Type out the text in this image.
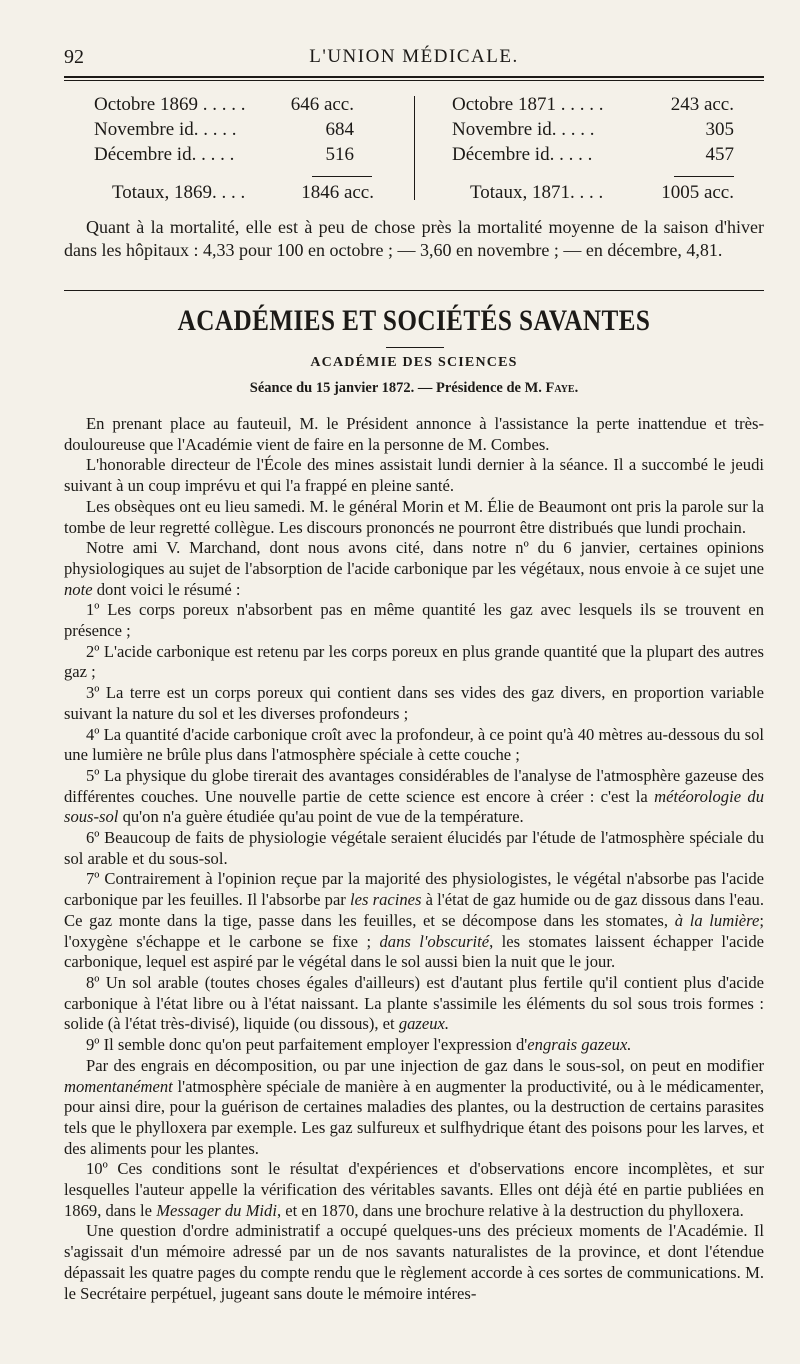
92	L'UNION MÉDICALE.
Octobre 1869 . . . . . 646 acc.
Novembre id. . . . .	684
Décembre id. . . . .	516
Totaux, 1869. . . .	1846 acc.
Octobre 1871 . . . . .	243 acc.
Novembre id. . . . .	305
Décembre id. . . . .	457
Totaux, 1871. . . .	1005 acc.

Quant à la mortalité, elle est à peu de chose près la mortalité moyenne de la saison d'hiver dans les hôpitaux : 4,33 pour 100 en octobre ; — 3,60 en novembre ; — en décembre, 4,81.

ACADÉMIES ET SOCIÉTÉS SAVANTES
ACADÉMIE DES SCIENCES
Séance du 15 janvier 1872. — Présidence de M. Faye.

En prenant place au fauteuil, M. le Président annonce à l'assistance la perte inattendue et très-douloureuse que l'Académie vient de faire en la personne de M. Combes.

L'honorable directeur de l'École des mines assistait lundi dernier à la séance. Il a succombé le jeudi suivant à un coup imprévu et qui l'a frappé en pleine santé.

Les obsèques ont eu lieu samedi. M. le général Morin et M. Élie de Beaumont ont pris la parole sur la tombe de leur regretté collègue. Les discours prononcés ne pourront être distribués que lundi prochain.

Notre ami V. Marchand, dont nous avons cité, dans notre nº du 6 janvier, certaines opinions physiologiques au sujet de l'absorption de l'acide carbonique par les végétaux, nous envoie à ce sujet une note dont voici le résumé :

1º Les corps poreux n'absorbent pas en même quantité les gaz avec lesquels ils se trouvent en présence ;

2º L'acide carbonique est retenu par les corps poreux en plus grande quantité que la plupart des autres gaz ;

3º La terre est un corps poreux qui contient dans ses vides des gaz divers, en proportion variable suivant la nature du sol et les diverses profondeurs ;

4º La quantité d'acide carbonique croît avec la profondeur, à ce point qu'à 40 mètres au-dessous du sol une lumière ne brûle plus dans l'atmosphère spéciale à cette couche ;

5º La physique du globe tirerait des avantages considérables de l'analyse de l'atmosphère gazeuse des différentes couches. Une nouvelle partie de cette science est encore à créer : c'est la météorologie du sous-sol qu'on n'a guère étudiée qu'au point de vue de la température.

6º Beaucoup de faits de physiologie végétale seraient élucidés par l'étude de l'atmosphère spéciale du sol arable et du sous-sol.

7º Contrairement à l'opinion reçue par la majorité des physiologistes, le végétal n'absorbe pas l'acide carbonique par les feuilles. Il l'absorbe par les racines à l'état de gaz humide ou de gaz dissous dans l'eau. Ce gaz monte dans la tige, passe dans les feuilles, et se décompose dans les stomates, à la lumière; l'oxygène s'échappe et le carbone se fixe ; dans l'obscurité, les stomates laissent échapper l'acide carbonique, lequel est aspiré par le végétal dans le sol aussi bien la nuit que le jour.

8º Un sol arable (toutes choses égales d'ailleurs) est d'autant plus fertile qu'il contient plus d'acide carbonique à l'état libre ou à l'état naissant. La plante s'assimile les éléments du sol sous trois formes : solide (à l'état très-divisé), liquide (ou dissous), et gazeux.

9º Il semble donc qu'on peut parfaitement employer l'expression d'engrais gazeux.

Par des engrais en décomposition, ou par une injection de gaz dans le sous-sol, on peut en modifier momentanément l'atmosphère spéciale de manière à en augmenter la productivité, ou à le médicamenter, pour ainsi dire, pour la guérison de certaines maladies des plantes, ou la destruction de certains parasites tels que le phylloxera par exemple. Les gaz sulfureux et sulfhydrique étant des poisons pour les larves, et des aliments pour les plantes.

10º Ces conditions sont le résultat d'expériences et d'observations encore incomplètes, et sur lesquelles l'auteur appelle la vérification des véritables savants. Elles ont déjà été en partie publiées en 1869, dans le Messager du Midi, et en 1870, dans une brochure relative à la destruction du phylloxera.

Une question d'ordre administratif a occupé quelques-uns des précieux moments de l'Académie. Il s'agissait d'un mémoire adressé par un de nos savants naturalistes de la province, et dont l'étendue dépassait les quatre pages du compte rendu que le règlement accorde à ces sortes de communications. M. le Secrétaire perpétuel, jugeant sans doute le mémoire intéres-
